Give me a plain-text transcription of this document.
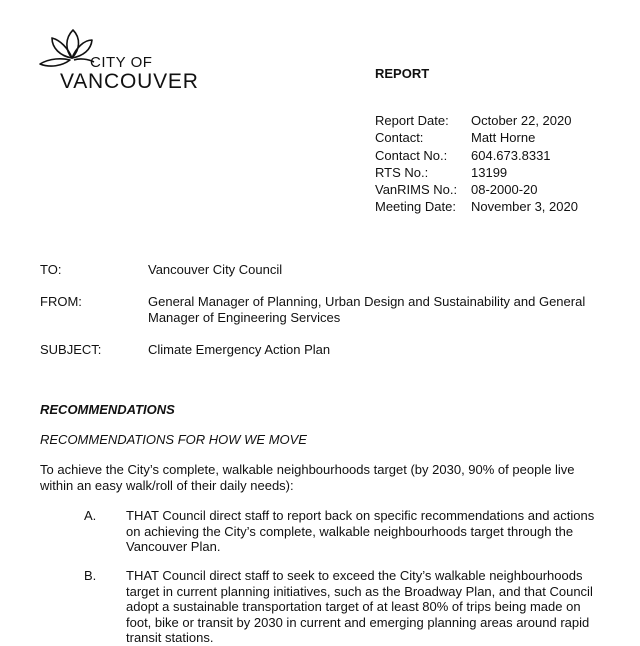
CITY OF
VANCOUVER	REPORT
Report Date:	October 22, 2020
Contact:	Matt Horne
Contact No.:	604.673.8331
RTS No.:	13199
VanRIMS No.:	08-2000-20
Meeting Date:	November 3, 2020
TO:	Vancouver City Council
FROM:	General Manager of Planning, Urban Design and Sustainability and General Manager of Engineering Services
SUBJECT:	Climate Emergency Action Plan
RECOMMENDATIONS
RECOMMENDATIONS FOR HOW WE MOVE
To achieve the City’s complete, walkable neighbourhoods target (by 2030, 90% of people live within an easy walk/roll of their daily needs):
A.	THAT Council direct staff to report back on specific recommendations and actions on achieving the City’s complete, walkable neighbourhoods target through the Vancouver Plan.
B.	THAT Council direct staff to seek to exceed the City’s walkable neighbourhoods target in current planning initiatives, such as the Broadway Plan, and that Council adopt a sustainable transportation target of at least 80% of trips being made on foot, bike or transit by 2030 in current and emerging planning areas around rapid transit stations.
